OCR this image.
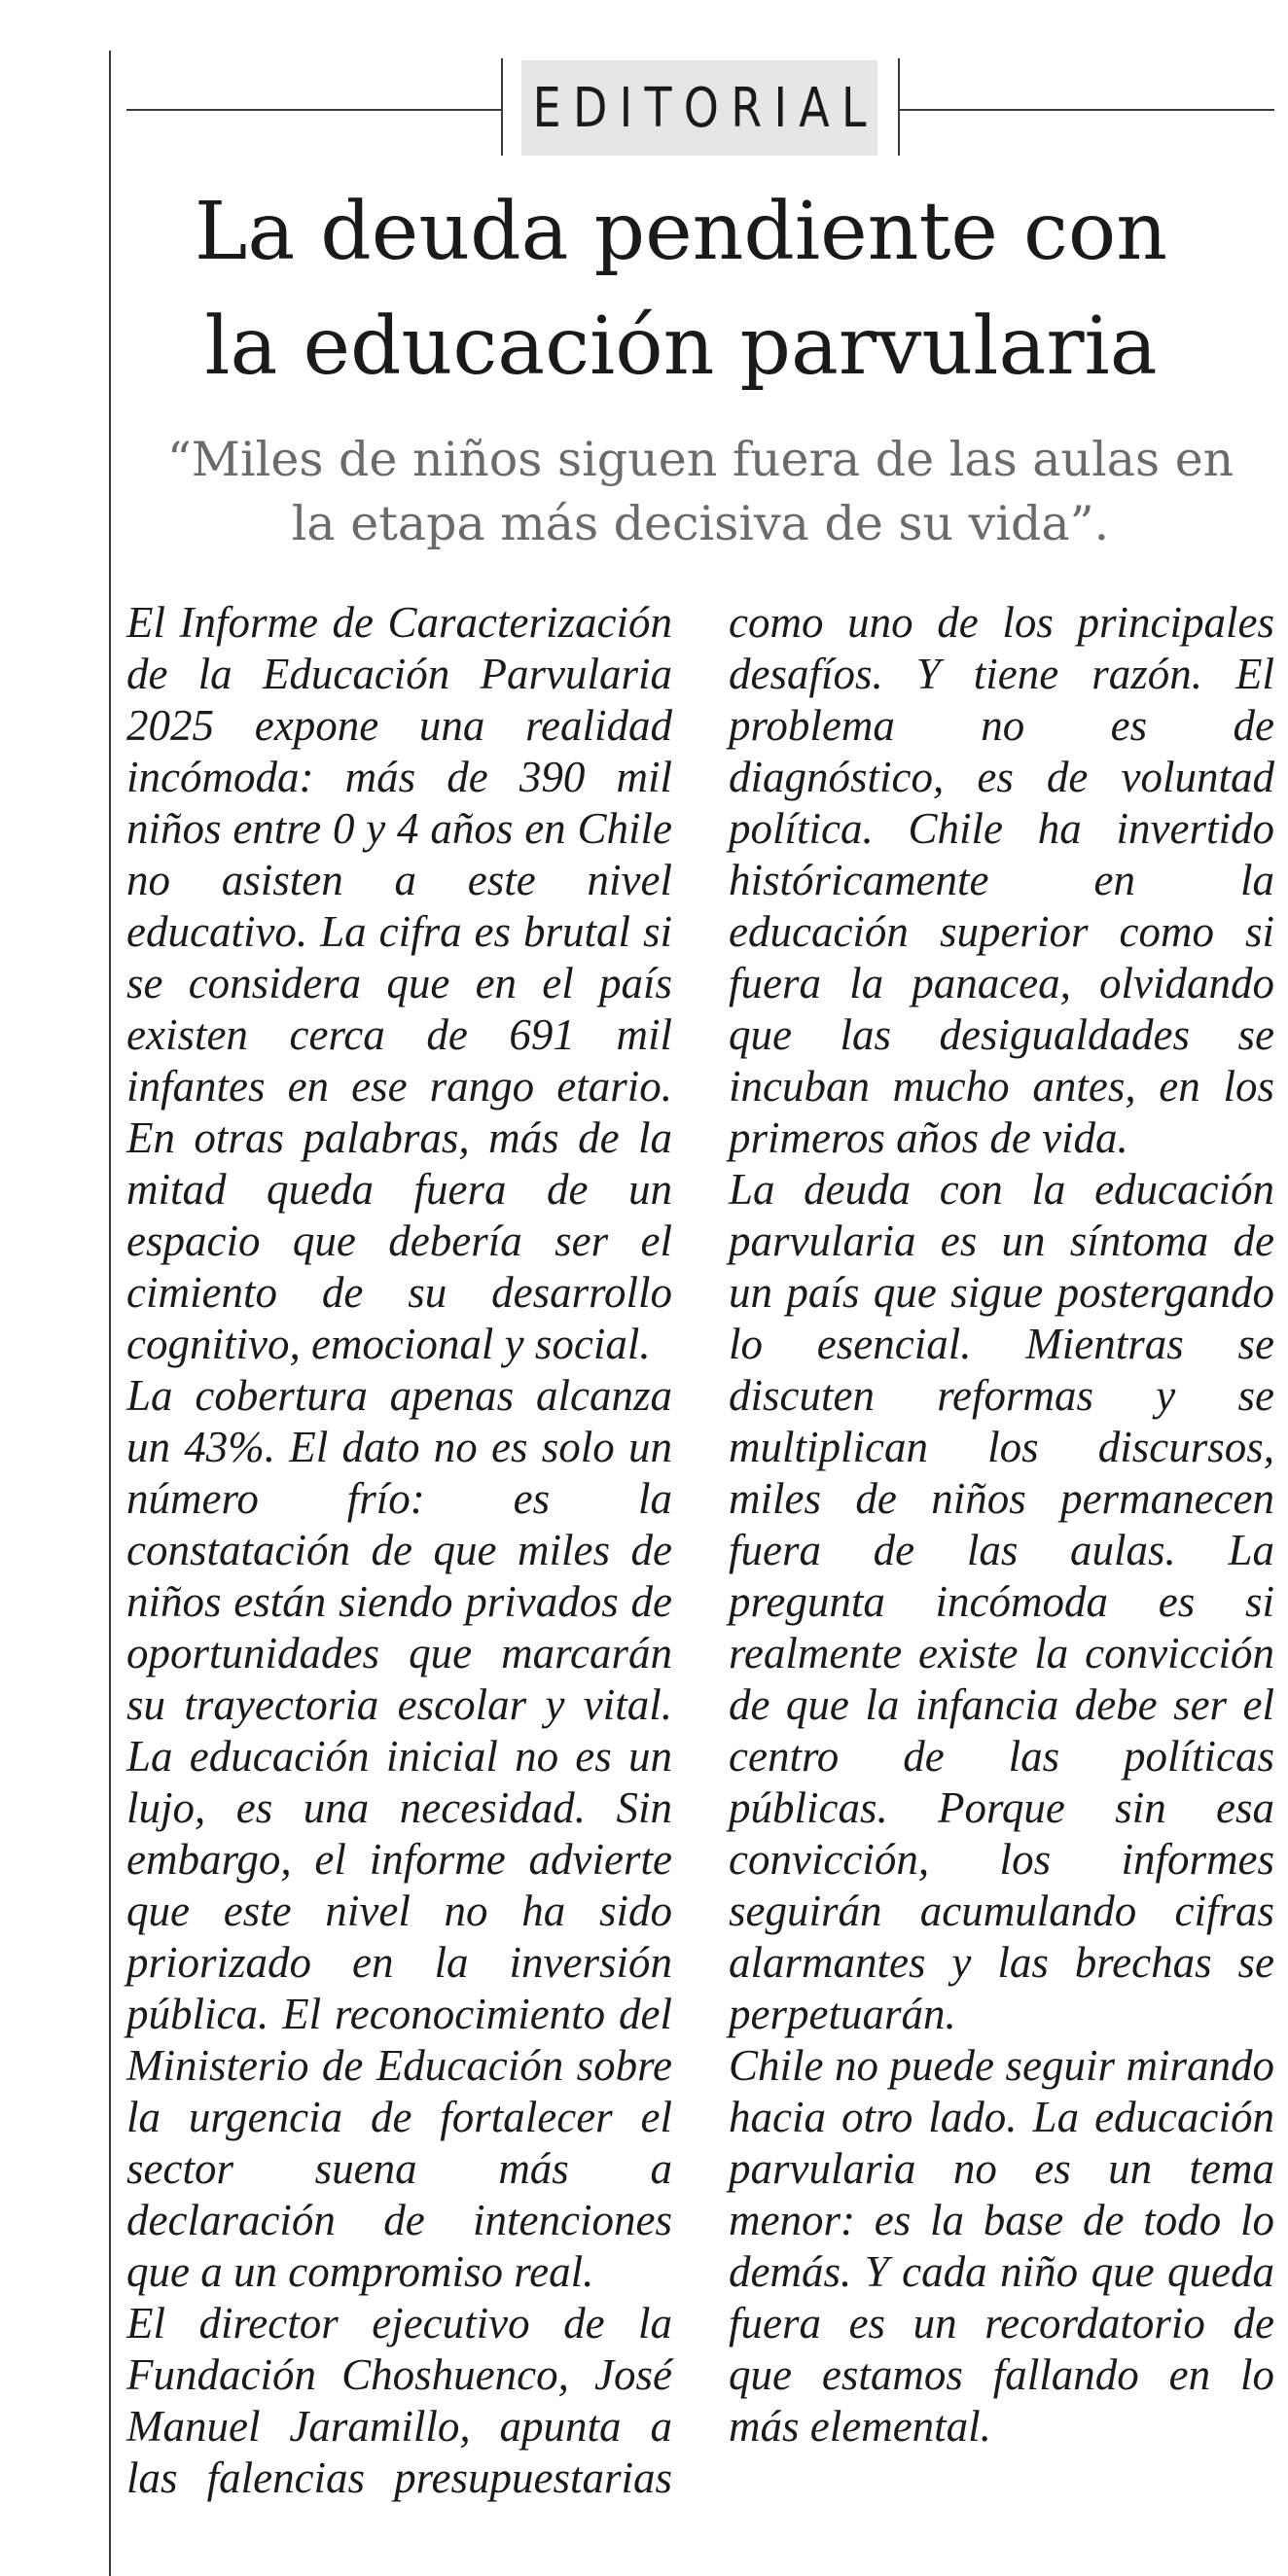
EDITORIAL
La deuda pendiente con
la educación parvularia

“Miles de niños siguen fuera de las aulas en
la etapa más decisiva de su vida”.

El Informe de Caracterización de la Educación Parvularia 2025 expone una realidad incómoda: más de 390 mil niños entre 0 y 4 años en Chile no asisten a este nivel educativo. La cifra es brutal si se considera que en el país existen cerca de 691 mil infantes en ese rango etario. En otras palabras, más de la mitad queda fuera de un espacio que debería ser el cimiento de su desarrollo cognitivo, emocional y social.

La cobertura apenas alcanza un 43%. El dato no es solo un número frío: es la constatación de que miles de niños están siendo privados de oportunidades que marcarán su trayectoria escolar y vital. La educación inicial no es un lujo, es una necesidad. Sin embargo, el informe advierte que este nivel no ha sido priorizado en la inversión pública. El reconocimiento del Ministerio de Educación sobre la urgencia de fortalecer el sector suena más a declaración de intenciones que a un compromiso real.

El director ejecutivo de la Fundación Choshuenco, José Manuel Jaramillo, apunta a las falencias presupuestarias como uno de los principales desafíos. Y tiene razón. El problema no es de diagnóstico, es de voluntad política. Chile ha invertido históricamente en la educación superior como si fuera la panacea, olvidando que las desigualdades se incuban mucho antes, en los primeros años de vida.

La deuda con la educación parvularia es un síntoma de un país que sigue postergando lo esencial. Mientras se discuten reformas y se multiplican los discursos, miles de niños permanecen fuera de las aulas. La pregunta incómoda es si realmente existe la convicción de que la infancia debe ser el centro de las políticas públicas. Porque sin esa convicción, los informes seguirán acumulando cifras alarmantes y las brechas se perpetuarán.

Chile no puede seguir mirando hacia otro lado. La educación parvularia no es un tema menor: es la base de todo lo demás. Y cada niño que queda fuera es un recordatorio de que estamos fallando en lo más elemental.
